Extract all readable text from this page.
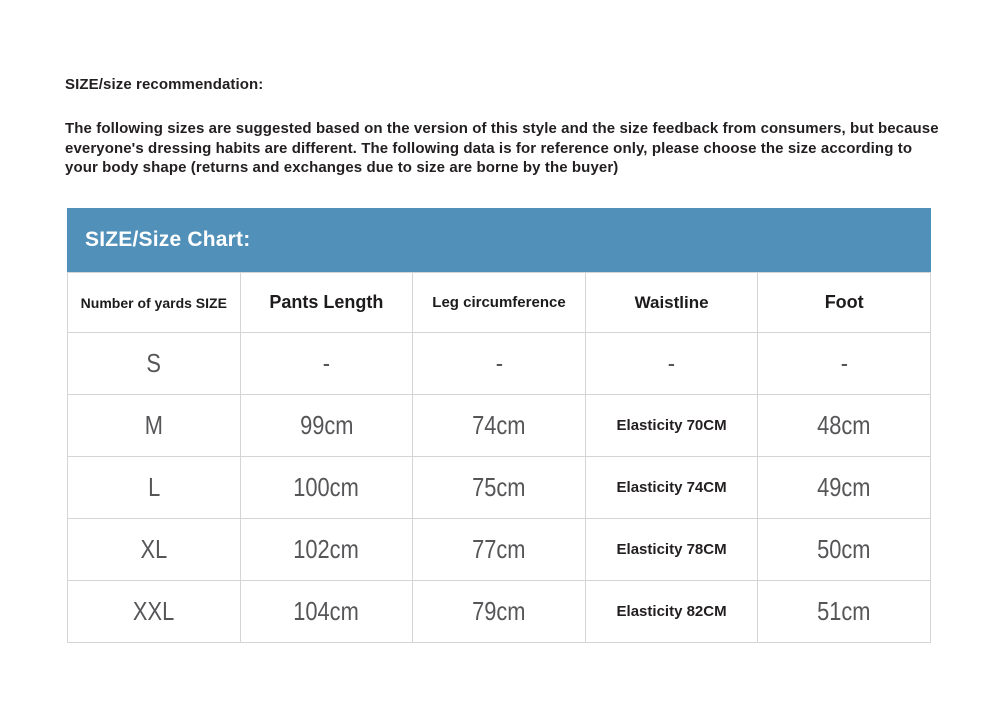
SIZE/size recommendation:
The following sizes are suggested based on the version of this style and the size feedback from consumers, but because everyone's dressing habits are different. The following data is for reference only, please choose the size according to your body shape (returns and exchanges due to size are borne by the buyer)
SIZE/Size Chart:
Number of yards SIZE	Pants Length	Leg circumference	Waistline	Foot
S	-	-	-	-
M	99cm	74cm	Elasticity 70CM	48cm
L	100cm	75cm	Elasticity 74CM	49cm
XL	102cm	77cm	Elasticity 78CM	50cm
XXL	104cm	79cm	Elasticity 82CM	51cm
